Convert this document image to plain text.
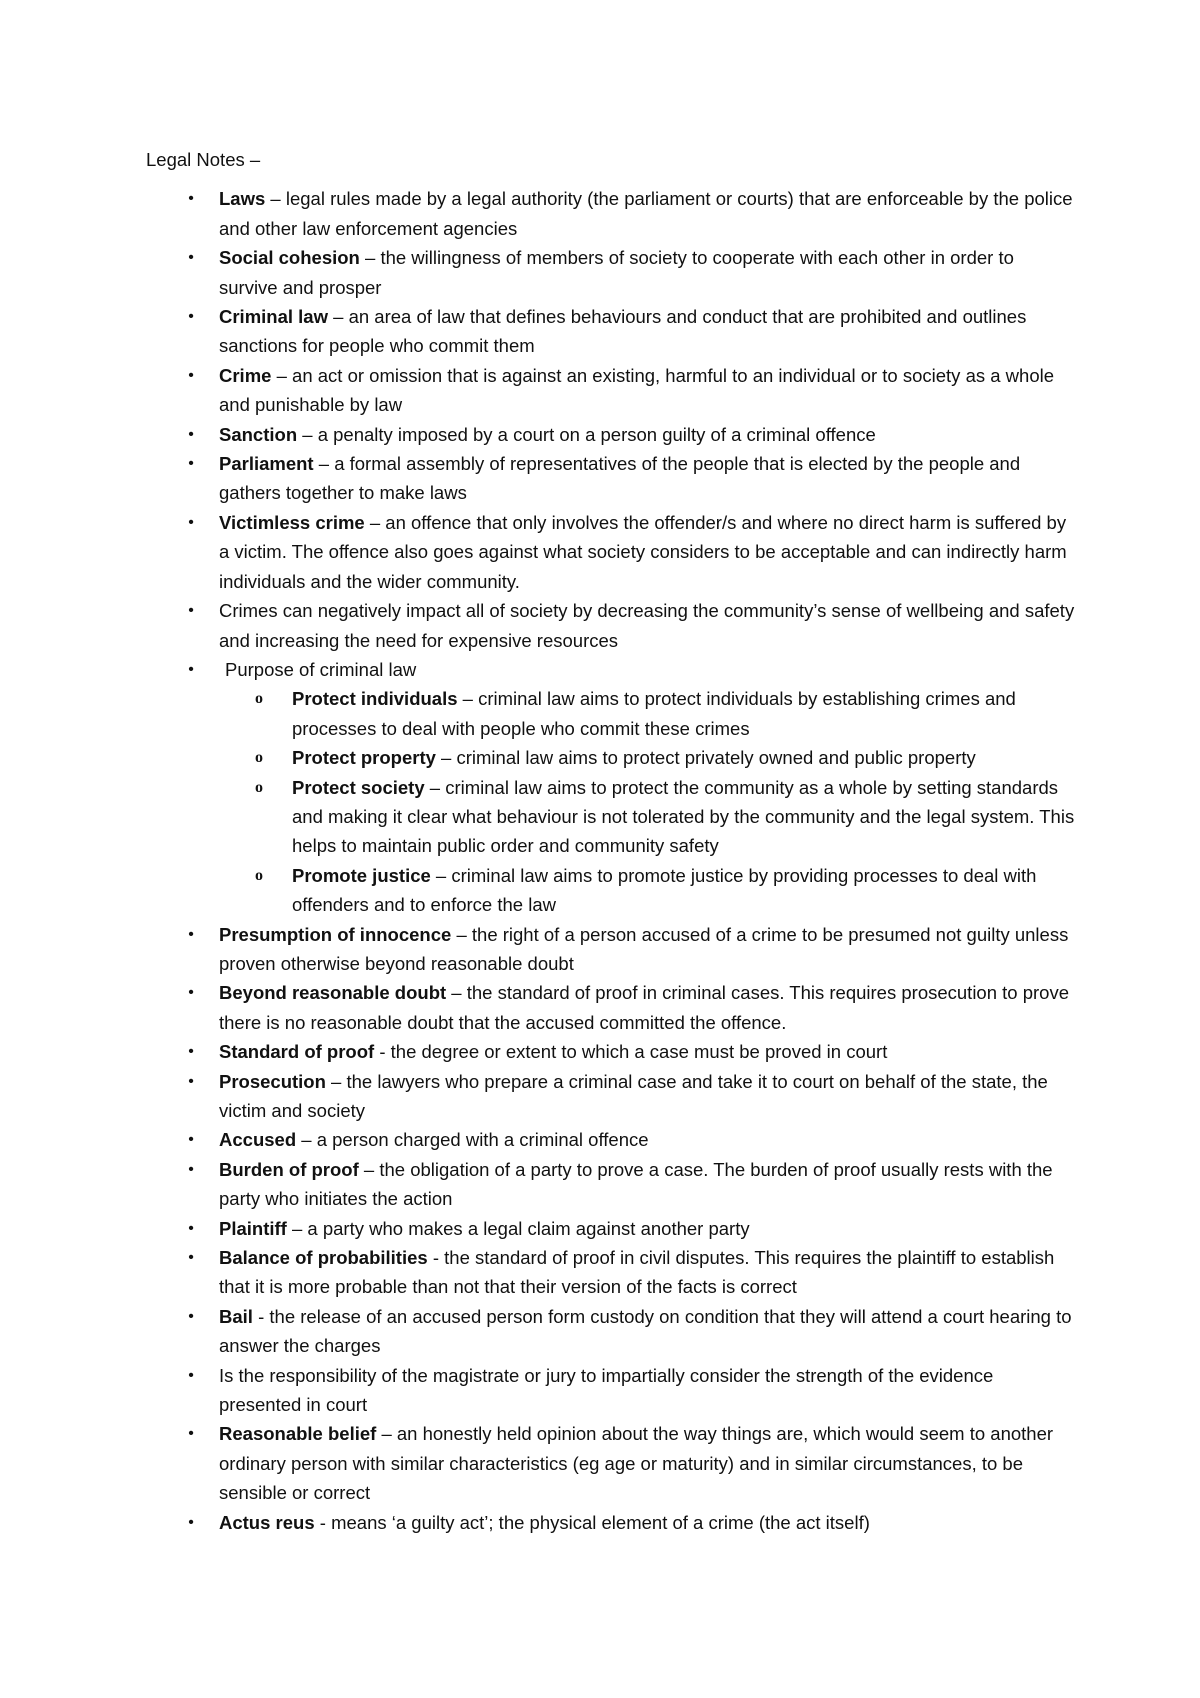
Legal Notes –
• Laws – legal rules made by a legal authority (the parliament or courts) that are enforceable by the police and other law enforcement agencies
• Social cohesion – the willingness of members of society to cooperate with each other in order to survive and prosper
• Criminal law – an area of law that defines behaviours and conduct that are prohibited and outlines sanctions for people who commit them
• Crime – an act or omission that is against an existing, harmful to an individual or to society as a whole and punishable by law
• Sanction – a penalty imposed by a court on a person guilty of a criminal offence
• Parliament – a formal assembly of representatives of the people that is elected by the people and gathers together to make laws
• Victimless crime – an offence that only involves the offender/s and where no direct harm is suffered by a victim. The offence also goes against what society considers to be acceptable and can indirectly harm individuals and the wider community.
• Crimes can negatively impact all of society by decreasing the community’s sense of wellbeing and safety and increasing the need for expensive resources
• Purpose of criminal law
o Protect individuals – criminal law aims to protect individuals by establishing crimes and processes to deal with people who commit these crimes
o Protect property – criminal law aims to protect privately owned and public property
o Protect society – criminal law aims to protect the community as a whole by setting standards and making it clear what behaviour is not tolerated by the community and the legal system. This helps to maintain public order and community safety
o Promote justice – criminal law aims to promote justice by providing processes to deal with offenders and to enforce the law
• Presumption of innocence – the right of a person accused of a crime to be presumed not guilty unless proven otherwise beyond reasonable doubt
• Beyond reasonable doubt – the standard of proof in criminal cases. This requires prosecution to prove there is no reasonable doubt that the accused committed the offence.
• Standard of proof - the degree or extent to which a case must be proved in court
• Prosecution – the lawyers who prepare a criminal case and take it to court on behalf of the state, the victim and society
• Accused – a person charged with a criminal offence
• Burden of proof – the obligation of a party to prove a case. The burden of proof usually rests with the party who initiates the action
• Plaintiff – a party who makes a legal claim against another party
• Balance of probabilities - the standard of proof in civil disputes. This requires the plaintiff to establish that it is more probable than not that their version of the facts is correct
• Bail - the release of an accused person form custody on condition that they will attend a court hearing to answer the charges
• Is the responsibility of the magistrate or jury to impartially consider the strength of the evidence presented in court
• Reasonable belief – an honestly held opinion about the way things are, which would seem to another ordinary person with similar characteristics (eg age or maturity) and in similar circumstances, to be sensible or correct
• Actus reus - means ‘a guilty act’; the physical element of a crime (the act itself)
